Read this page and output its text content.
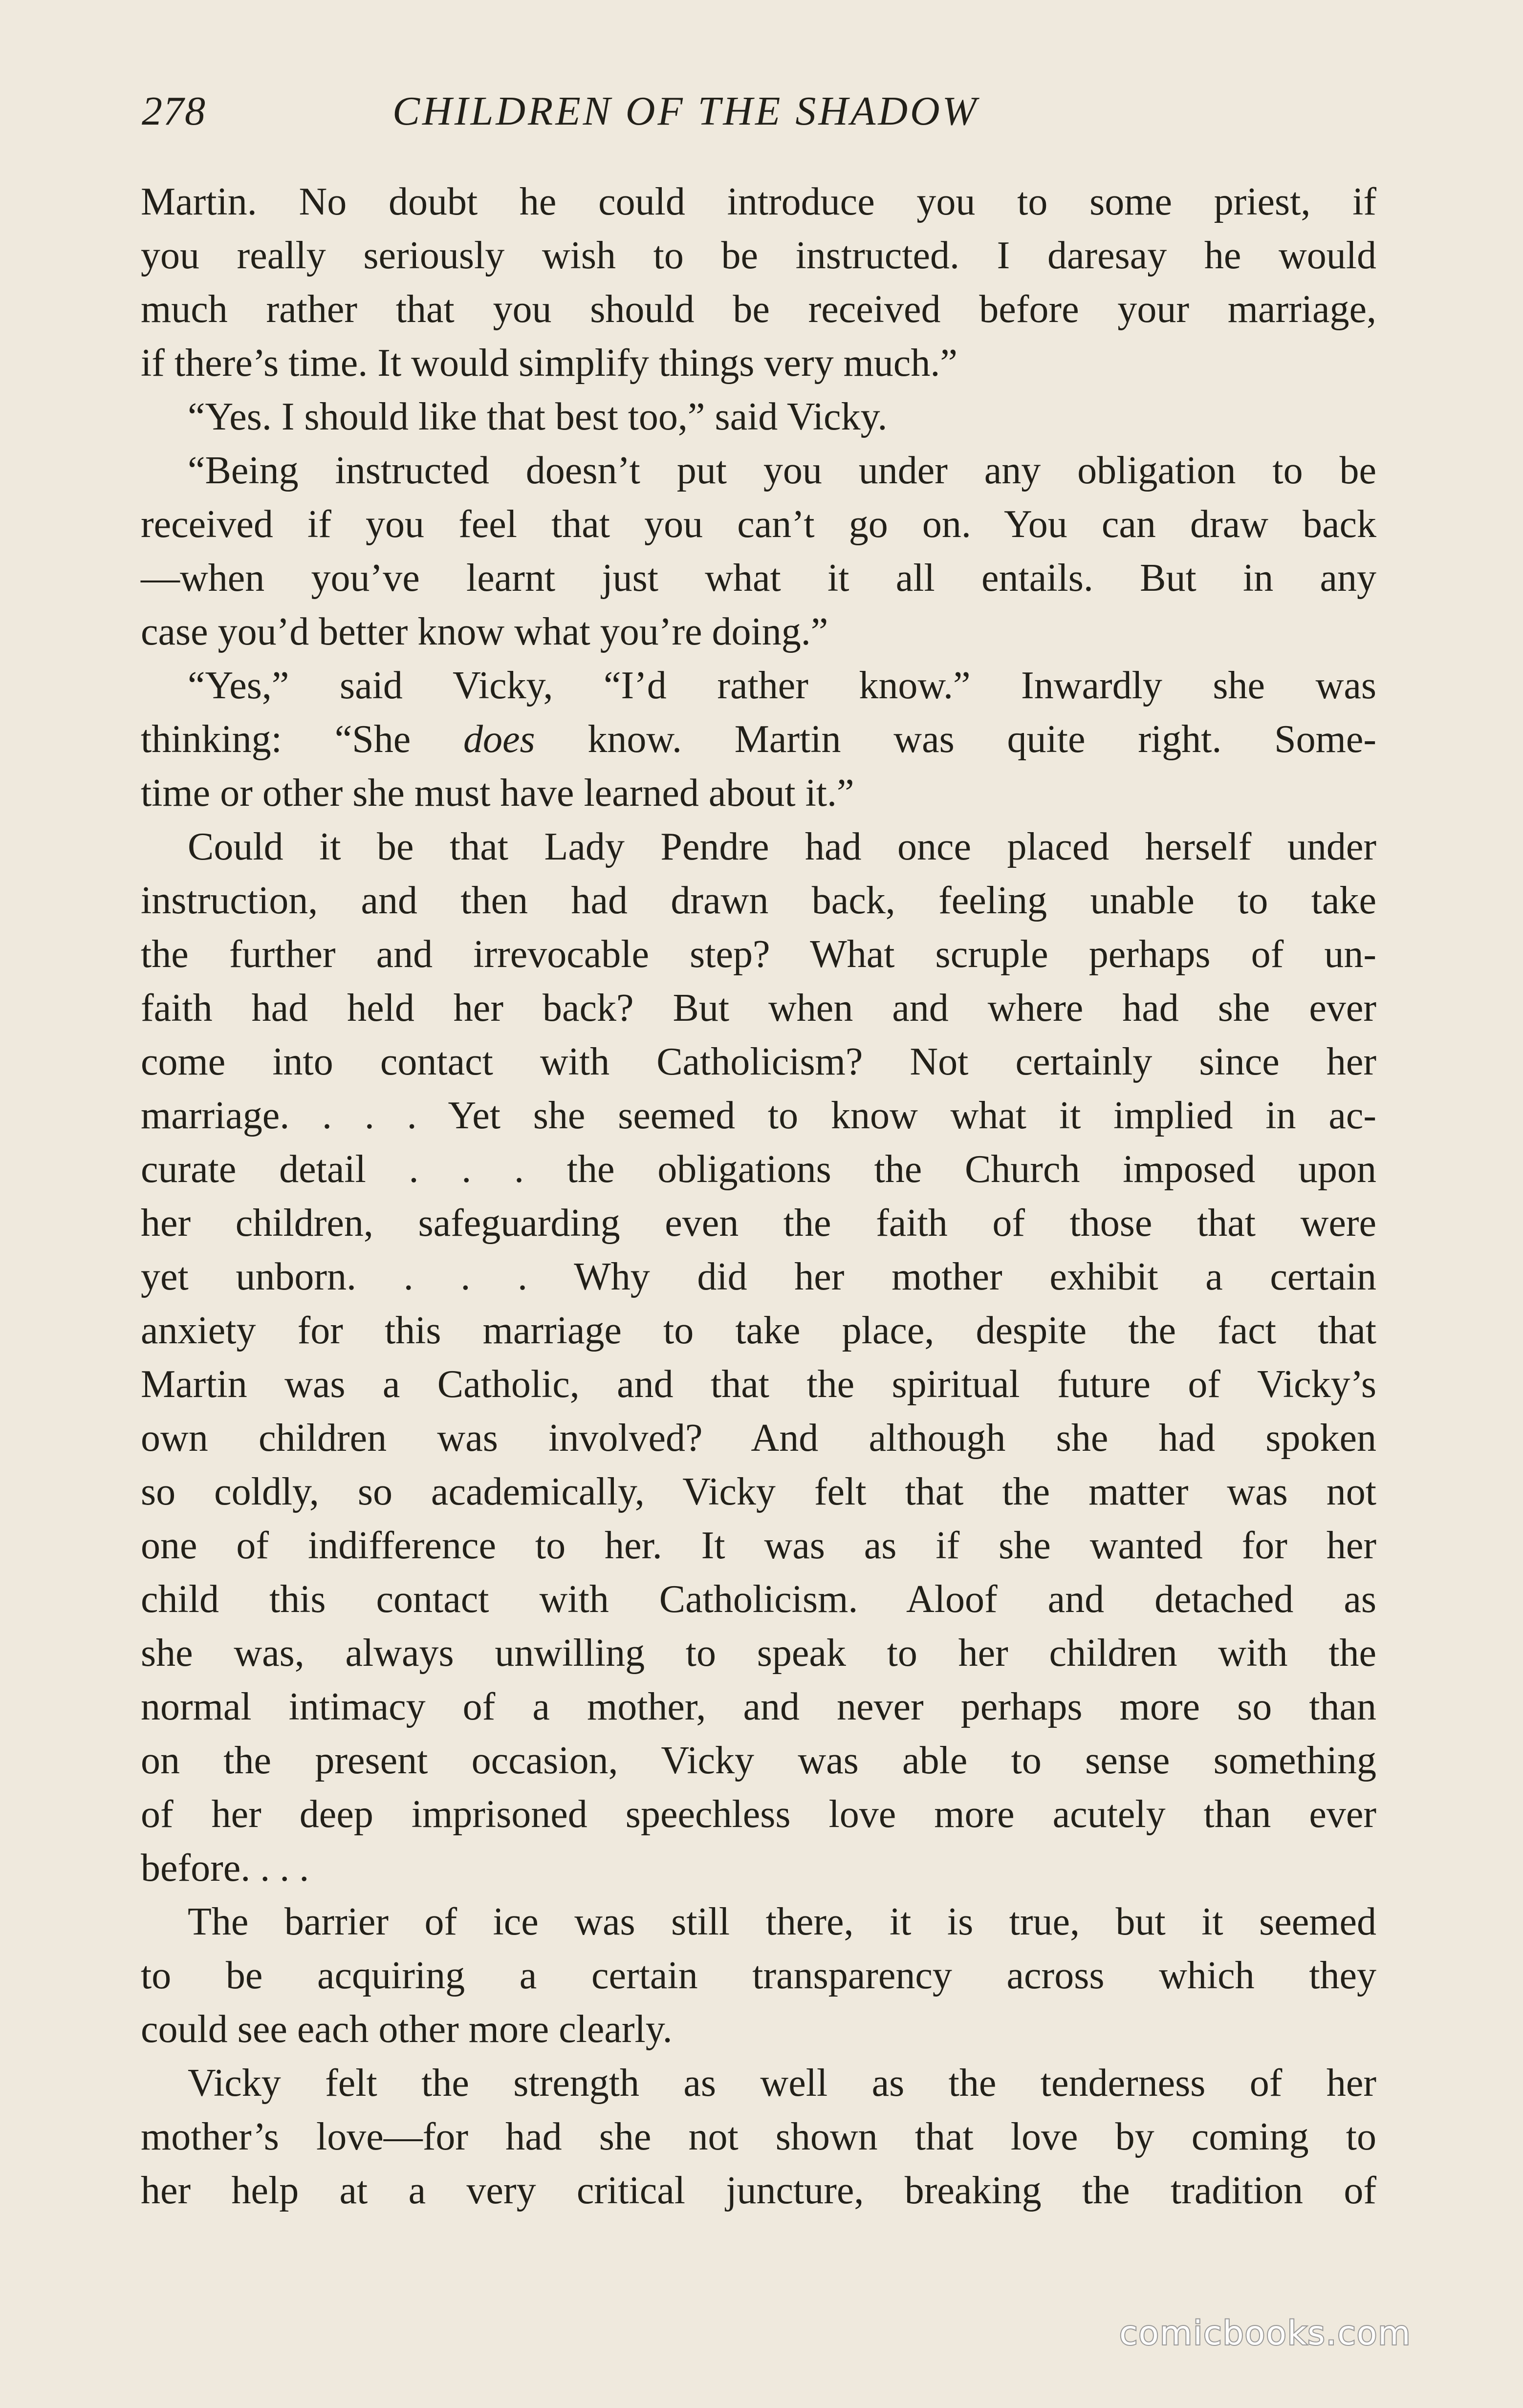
278	CHILDREN OF THE SHADOW
Martin. No doubt he could introduce you to some priest, if
you really seriously wish to be instructed. I daresay he would
much rather that you should be received before your marriage,
if there’s time. It would simplify things very much.”
“Yes. I should like that best too,” said Vicky.
“Being instructed doesn’t put you under any obligation to be
received if you feel that you can’t go on. You can draw back
—when you’ve learnt just what it all entails. But in any
case you’d better know what you’re doing.”
“Yes,” said Vicky, “I’d rather know.” Inwardly she was
thinking: “She does know. Martin was quite right. Some-
time or other she must have learned about it.”
Could it be that Lady Pendre had once placed herself under
instruction, and then had drawn back, feeling unable to take
the further and irrevocable step? What scruple perhaps of un-
faith had held her back? But when and where had she ever
come into contact with Catholicism? Not certainly since her
marriage. . . . Yet she seemed to know what it implied in ac-
curate detail . . . the obligations the Church imposed upon
her children, safeguarding even the faith of those that were
yet unborn. . . . Why did her mother exhibit a certain
anxiety for this marriage to take place, despite the fact that
Martin was a Catholic, and that the spiritual future of Vicky’s
own children was involved? And although she had spoken
so coldly, so academically, Vicky felt that the matter was not
one of indifference to her. It was as if she wanted for her
child this contact with Catholicism. Aloof and detached as
she was, always unwilling to speak to her children with the
normal intimacy of a mother, and never perhaps more so than
on the present occasion, Vicky was able to sense something
of her deep imprisoned speechless love more acutely than ever
before. . . .
The barrier of ice was still there, it is true, but it seemed
to be acquiring a certain transparency across which they
could see each other more clearly.
Vicky felt the strength as well as the tenderness of her
mother’s love—for had she not shown that love by coming to
her help at a very critical juncture, breaking the tradition of
comicbooks.com
